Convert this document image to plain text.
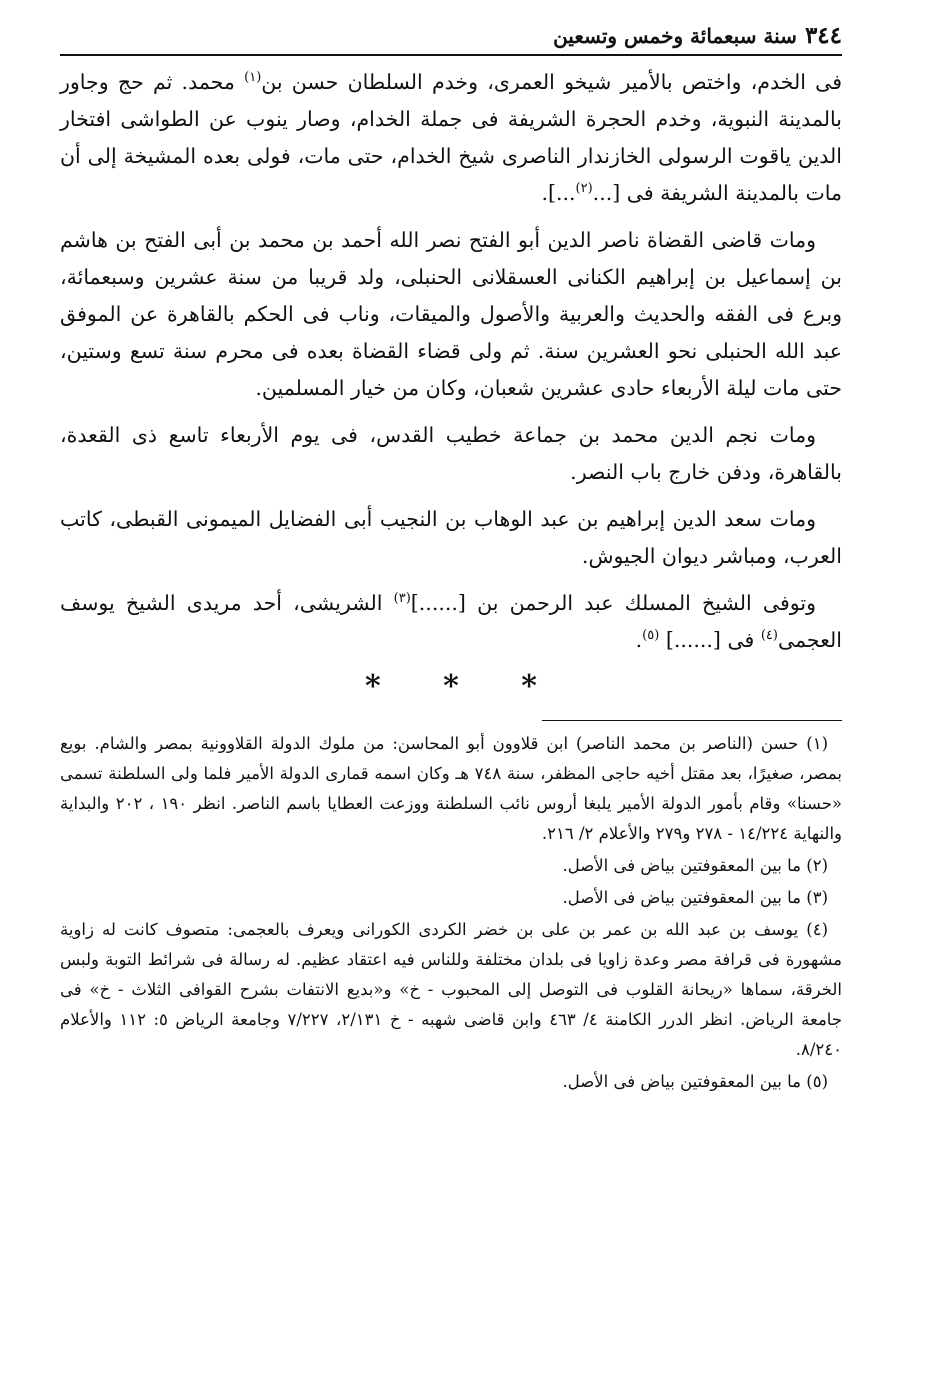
٣٤٤
سنة سبعمائة وخمس وتسعين

فى الخدم، واختص بالأمير شيخو العمرى، وخدم السلطان حسن بن$^{(١)}$ محمد. ثم حج وجاور بالمدينة النبوية، وخدم الحجرة الشريفة فى جملة الخدام، وصار ينوب عن الطواشى افتخار الدين ياقوت الرسولى الخازندار الناصرى شيخ الخدام، حتى مات، فولى بعده المشيخة إلى أن مات بالمدينة الشريفة فى [...$^{(٢)}$...].

ومات قاضى القضاة ناصر الدين أبو الفتح نصر الله أحمد بن محمد بن أبى الفتح بن هاشم بن إسماعيل بن إبراهيم الكنانى العسقلانى الحنبلى، ولد قريبا من سنة عشرين وسبعمائة، وبرع فى الفقه والحديث والعربية والأصول والميقات، وناب فى الحكم بالقاهرة عن الموفق عبد الله الحنبلى نحو العشرين سنة. ثم ولى قضاء القضاة بعده فى محرم سنة تسع وستين، حتى مات ليلة الأربعاء حادى عشرين شعبان، وكان من خيار المسلمين.

ومات نجم الدين محمد بن جماعة خطيب القدس، فى يوم الأربعاء تاسع ذى القعدة، بالقاهرة، ودفن خارج باب النصر.

ومات سعد الدين إبراهيم بن عبد الوهاب بن النجيب أبى الفضايل الميمونى القبطى، كاتب العرب، ومباشر ديوان الجيوش.

وتوفى الشيخ المسلك عبد الرحمن بن [......]$^{(٣)}$ الشريشى، أحد مريدى الشيخ يوسف العجمى$^{(٤)}$ فى [......] $^{(٥)}$.

* * *

(١) حسن (الناصر بن محمد الناصر) ابن قلاوون أبو المحاسن: من ملوك الدولة القلاوونية بمصر والشام. بويع بمصر، صغيرًا، بعد مقتل أخيه حاجى المظفر، سنة ٧٤٨ هـ وكان اسمه قمارى الدولة الأمير فلما ولى السلطنة تسمى «حسنا» وقام بأمور الدولة الأمير يلبغا أروس نائب السلطنة ووزعت العطايا باسم الناصر. انظر ١٩٠ ، ٢٠٢ والبداية والنهاية ١٤/٢٢٤ - ٢٧٨ و٢٧٩ والأعلام ٢/ ٢١٦.

(٢) ما بين المعقوفتين بياض فى الأصل.

(٣) ما بين المعقوفتين بياض فى الأصل.

(٤) يوسف بن عبد الله بن عمر بن على بن خضر الكردى الكورانى ويعرف بالعجمى: متصوف كانت له زاوية مشهورة فى قرافة مصر وعدة زاويا فى بلدان مختلفة وللناس فيه اعتقاد عظيم. له رسالة فى شرائط التوبة ولبس الخرقة، سماها «ريحانة القلوب فى التوصل إلى المحبوب - خ» و«بديع الانتفات بشرح القوافى الثلاث - خ» فى جامعة الرياض. انظر الدرر الكامنة ٤/ ٤٦٣ وابن قاضى شهبه - خ ٢/١٣١، ٧/٢٢٧ وجامعة الرياض ٥: ١١٢ والأعلام ٨/٢٤٠.

(٥) ما بين المعقوفتين بياض فى الأصل.
